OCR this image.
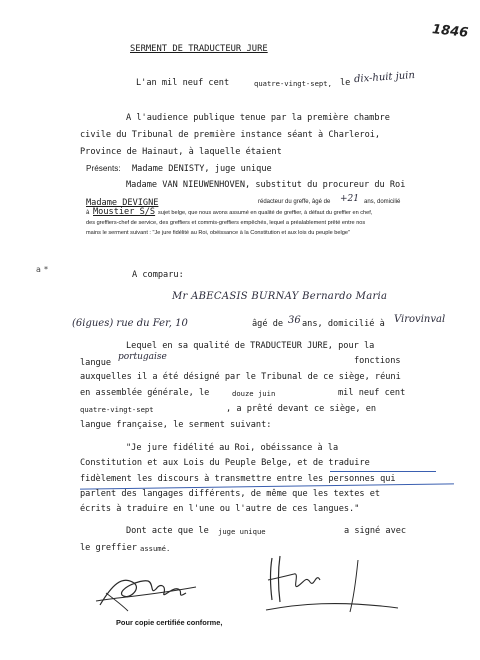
1846
SERMENT DE TRADUCTEUR JURE
L'an mil neuf cent	quatre-vingt-sept, le dix-huit juin
A l'audience publique tenue par la première chambre
civile du Tribunal de première instance séant à Charleroi,
Province de Hainaut, à laquelle étaient
Présents: Madame DENISTY, juge unique
Madame VAN NIEUWENHOVEN, substitut du procureur du Roi
Madame DEVIGNE	rédacteur du greffe, âgé de +21 ans, domicilié
à Moustier S/S sujet belge, que nous avons assumé en qualité de greffier, à défaut du greffier en chef,
des greffiers-chef de service, des greffiers et commis-greffiers empêchés, lequel a préalablement prêté entre nos
mains le serment suivant : "Je jure fidélité au Roi, obéissance à la Constitution et aux lois du peuple belge"
a *
A comparu:
Mr ABECASIS BURNAY Bernardo Maria
âgé de 36 ans, domicilié à Virovinval
(6igues) rue du Fer, 10
Lequel en sa qualité de TRADUCTEUR JURE, pour la
langue
portugaise	fonctions
auxquelles il a été désigné par le Tribunal de ce siège, réuni
en assemblée générale, le	douze juin	mil neuf cent
quatre-vingt-sept	, a prêté devant ce siège, en
langue française, le serment suivant:
"Je jure fidélité au Roi, obéissance à la
Constitution et aux Lois du Peuple Belge, et de traduire
fidèlement les discours à transmettre entre les personnes qui
parlent des langages différents, de même que les textes et
écrits à traduire en l'une ou l'autre de ces langues."
Dont acte que le juge unique	a signé avec
le greffier assumé.
Pour copie certifiée conforme,
